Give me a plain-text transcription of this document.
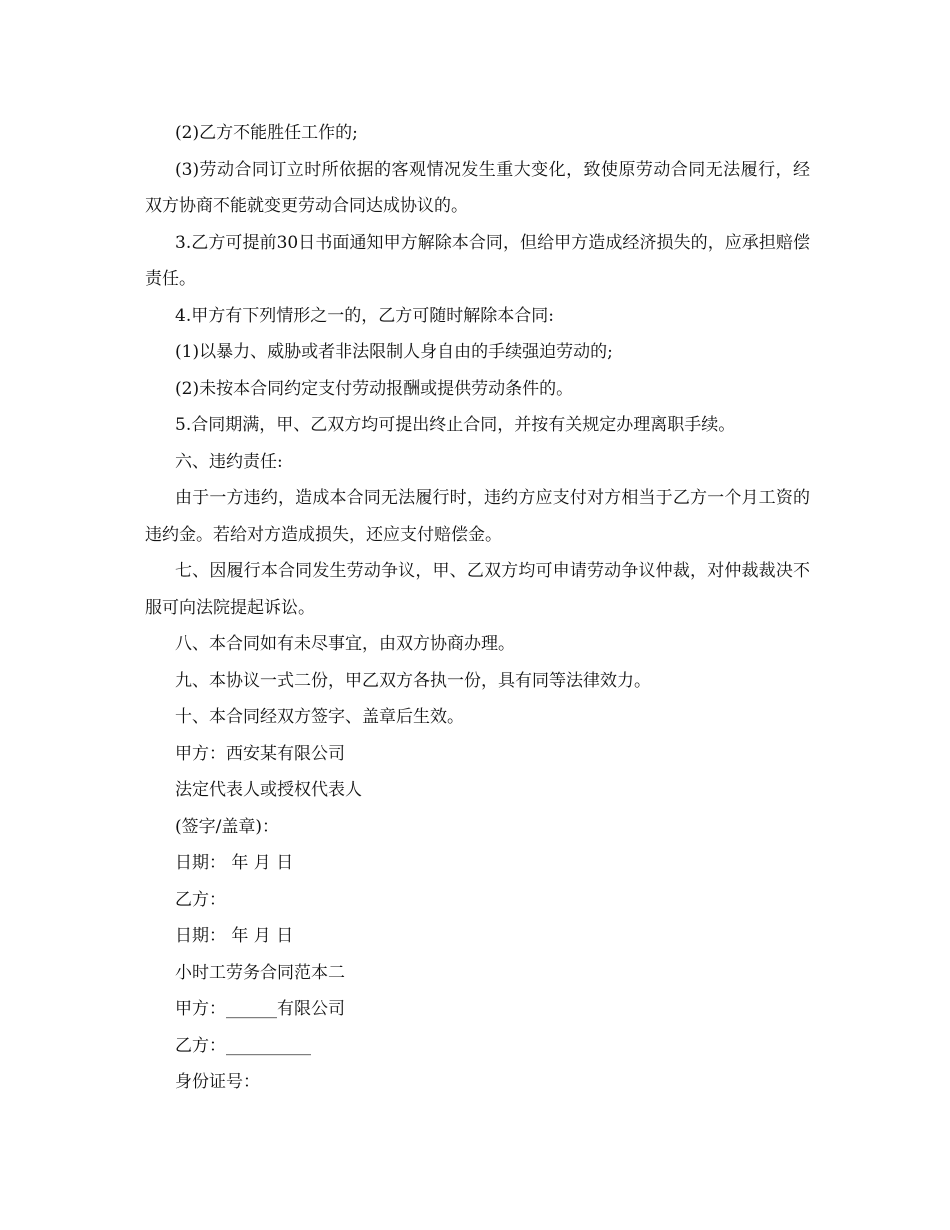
(2)乙方不能胜任工作的;

(3)劳动合同订立时所依据的客观情况发生重大变化，致使原劳动合同无法履行，经双方协商不能就变更劳动合同达成协议的。

3.乙方可提前30日书面通知甲方解除本合同，但给甲方造成经济损失的，应承担赔偿责任。

4.甲方有下列情形之一的，乙方可随时解除本合同:

(1)以暴力、威胁或者非法限制人身自由的手续强迫劳动的;

(2)未按本合同约定支付劳动报酬或提供劳动条件的。

5.合同期满，甲、乙双方均可提出终止合同，并按有关规定办理离职手续。

六、违约责任:

由于一方违约，造成本合同无法履行时，违约方应支付对方相当于乙方一个月工资的违约金。若给对方造成损失，还应支付赔偿金。

七、因履行本合同发生劳动争议，甲、乙双方均可申请劳动争议仲裁，对仲裁裁决不服可向法院提起诉讼。

八、本合同如有未尽事宜，由双方协商办理。

九、本协议一式二份，甲乙双方各执一份，具有同等法律效力。

十、本合同经双方签字、盖章后生效。

甲方：西安某有限公司

法定代表人或授权代表人

(签字/盖章)：

日期： 年 月 日

乙方：

日期： 年 月 日

小时工劳务合同范本二

甲方：______有限公司

乙方：__________

身份证号：
